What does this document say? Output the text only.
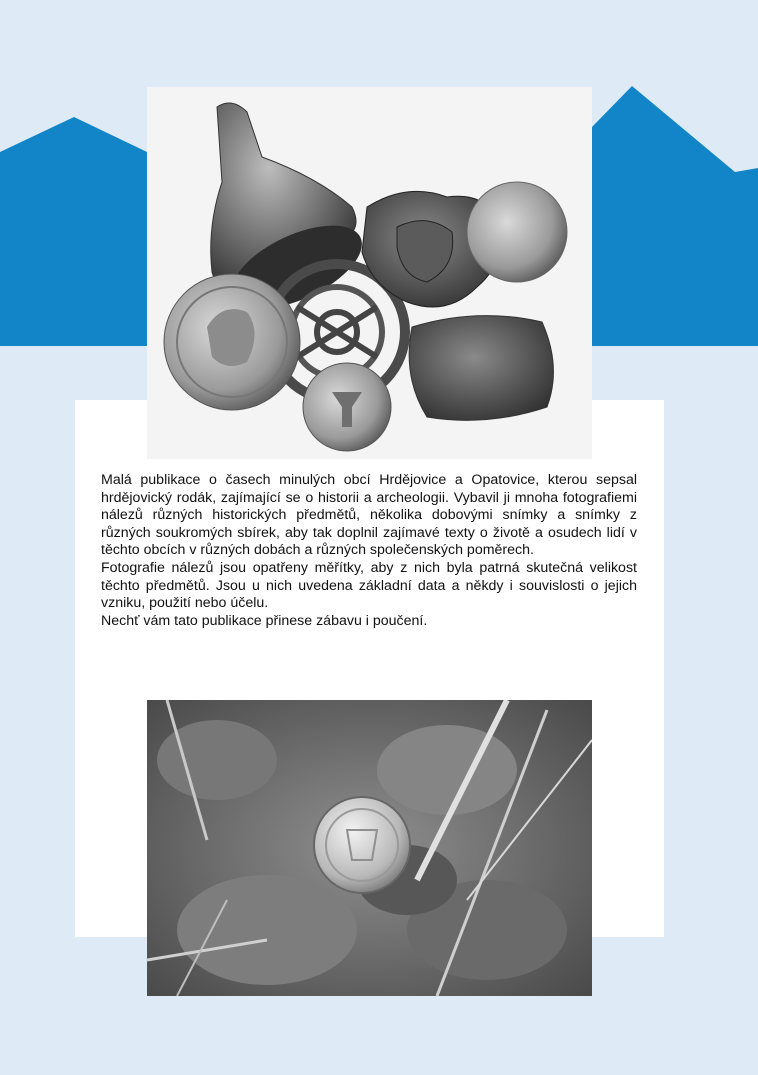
Malá publikace o časech minulých obcí Hrdějovice a Opatovice, kterou sepsal hrdějovický rodák, zajímající se o historii a archeologii. Vybavil ji mnoha fotografiemi nálezů různých historických předmětů, několika dobovými snímky a snímky z různých soukromých sbírek, aby tak doplnil zajímavé texty o životě a osudech lidí v těchto obcích v různých dobách a různých společenských poměrech.

Fotografie nálezů jsou opatřeny měřítky, aby z nich byla patrná skutečná velikost těchto předmětů. Jsou u nich uvedena základní data a někdy i souvislosti o jejich vzniku, použití nebo účelu.

Nechť vám tato publikace přinese zábavu i poučení.
